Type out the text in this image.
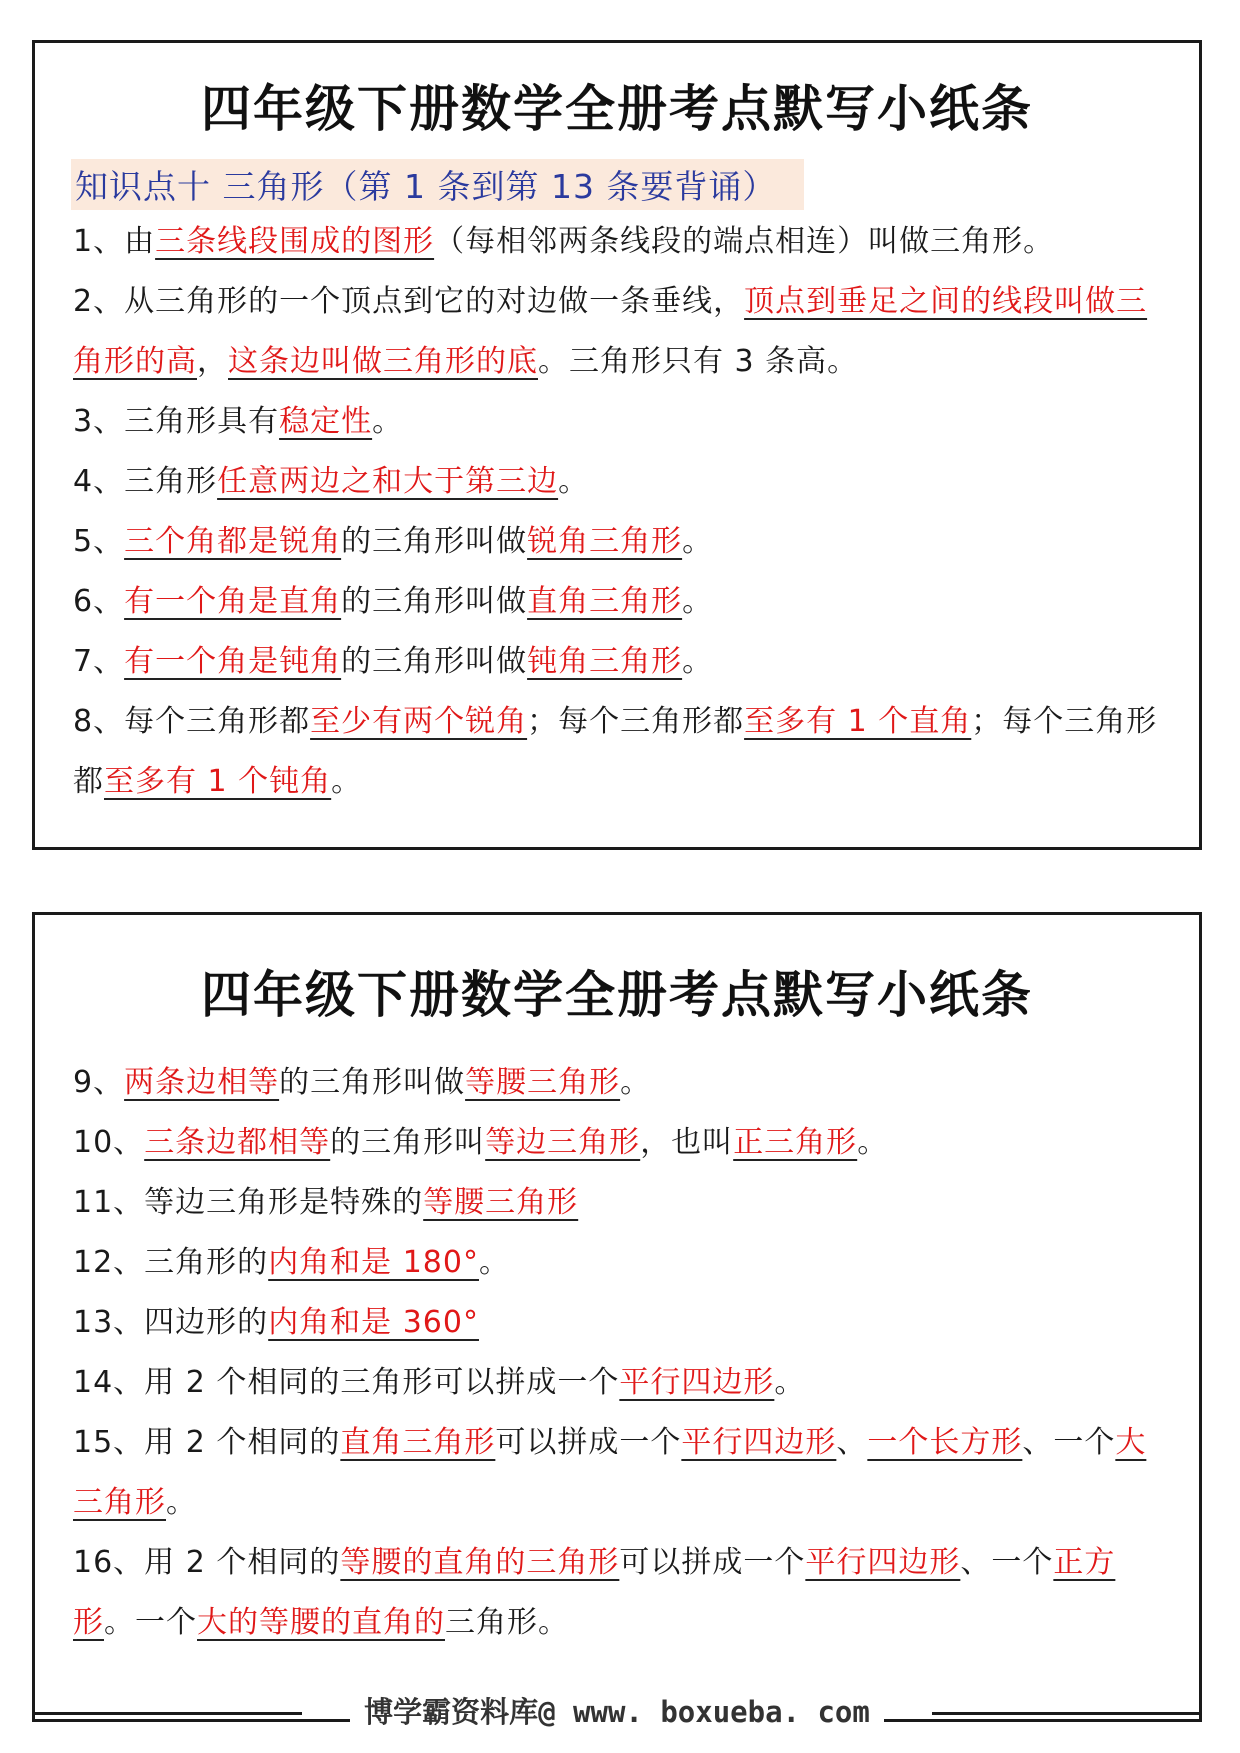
四年级下册数学全册考点默写小纸条
知识点十 三角形（第 1 条到第 13 条要背诵）

1、由三条线段围成的图形（每相邻两条线段的端点相连）叫做三角形。

2、从三角形的一个顶点到它的对边做一条垂线，顶点到垂足之间的线段叫做三角形的高，这条边叫做三角形的底。三角形只有 3 条高。

3、三角形具有稳定性。

4、三角形任意两边之和大于第三边。

5、三个角都是锐角的三角形叫做锐角三角形。

6、有一个角是直角的三角形叫做直角三角形。

7、有一个角是钝角的三角形叫做钝角三角形。

8、每个三角形都至少有两个锐角；每个三角形都至多有 1 个直角；每个三角形都至多有 1 个钝角。

四年级下册数学全册考点默写小纸条

9、两条边相等的三角形叫做等腰三角形。

10、三条边都相等的三角形叫等边三角形，也叫正三角形。

11、等边三角形是特殊的等腰三角形

12、三角形的内角和是 180°。

13、四边形的内角和是 360°

14、用 2 个相同的三角形可以拼成一个平行四边形。

15、用 2 个相同的直角三角形可以拼成一个平行四边形、一个长方形、一个大三角形。

16、用 2 个相同的等腰的直角的三角形可以拼成一个平行四边形、一个正方形。一个大的等腰的直角的三角形。

博学霸资料库@ www. boxueba. com
